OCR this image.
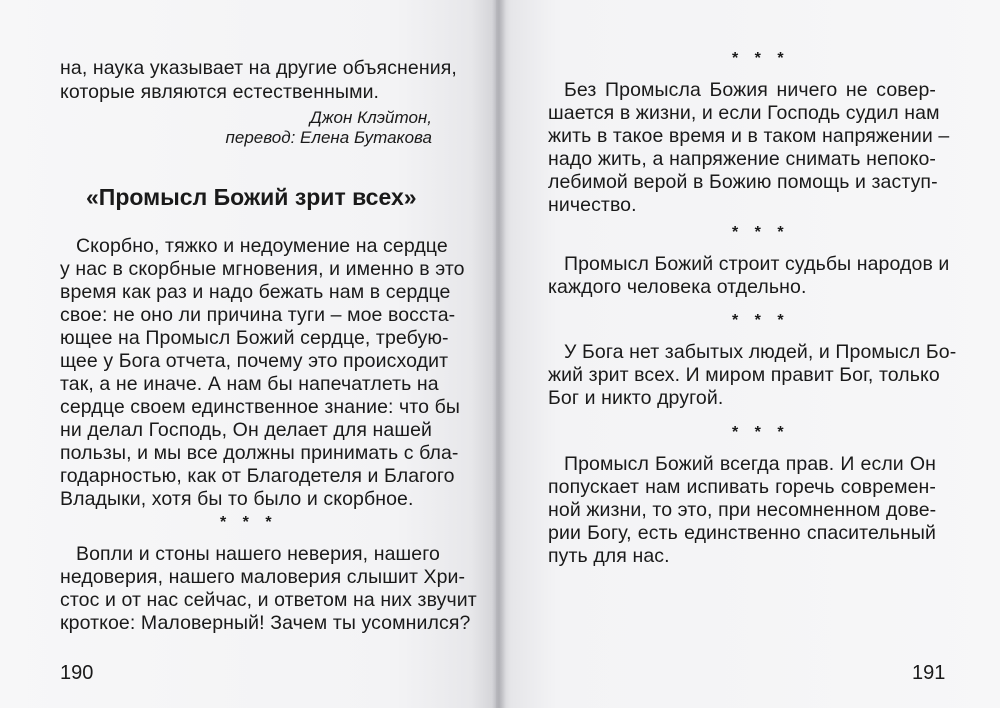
на, наука указывает на другие объяснения,
которые являются естественными.
Джон Клэйтон,
перевод: Елена Бутакова
«Промысл Божий зрит всех»
Скорбно, тяжко и недоумение на сердце
у нас в скорбные мгновения, и именно в это
время как раз и надо бежать нам в сердце
свое: не оно ли причина туги – мое восста-
ющее на Промысл Божий сердце, требую-
щее у Бога отчета, почему это происходит
так, а не иначе. А нам бы напечатлеть на
сердце своем единственное знание: что бы
ни делал Господь, Он делает для нашей
пользы, и мы все должны принимать с бла-
годарностью, как от Благодетеля и Благого
Владыки, хотя бы то было и скорбное.
* * *
Вопли и стоны нашего неверия, нашего
недоверия, нашего маловерия слышит Хри-
стос и от нас сейчас, и ответом на них звучит
кроткое: Маловерный! Зачем ты усомнился?
190
* * *
Без Промысла Божия ничего не совер-
шается в жизни, и если Господь судил нам
жить в такое время и в таком напряжении –
надо жить, а напряжение снимать непоко-
лебимой верой в Божию помощь и заступ-
ничество.
* * *
Промысл Божий строит судьбы народов и
каждого человека отдельно.
* * *
У Бога нет забытых людей, и Промысл Бо-
жий зрит всех. И миром правит Бог, только
Бог и никто другой.
* * *
Промысл Божий всегда прав. И если Он
попускает нам испивать горечь современ-
ной жизни, то это, при несомненном дове-
рии Богу, есть единственно спасительный
путь для нас.
191
